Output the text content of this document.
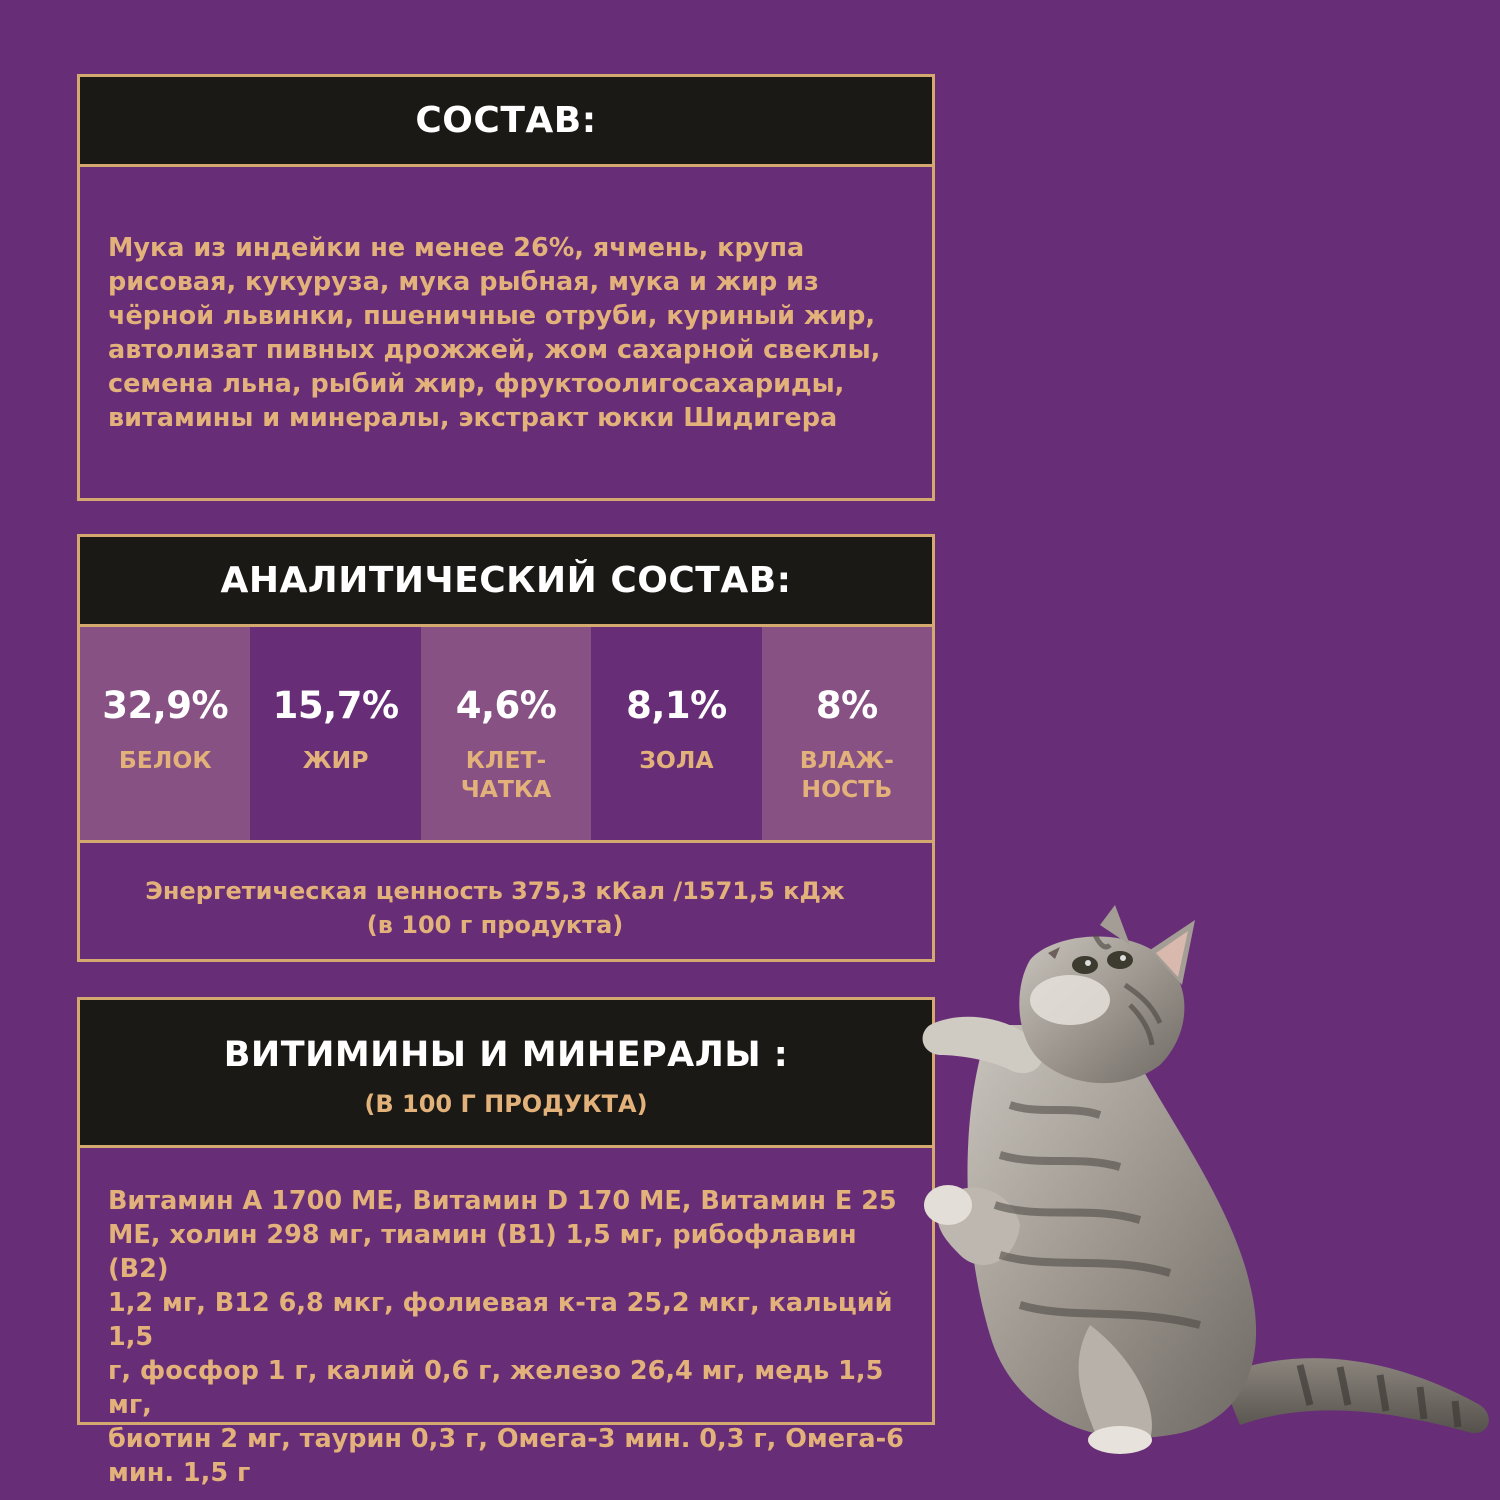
СОСТАВ:

Мука из индейки не менее 26%, ячмень, крупа
рисовая, кукуруза, мука рыбная, мука и жир из
чёрной львинки, пшеничные отруби, куриный жир,
автолизат пивных дрожжей, жом сахарной свеклы,
семена льна, рыбий жир, фруктоолигосахариды,
витамины и минералы, экстракт юкки Шидигера

АНАЛИТИЧЕСКИЙ СОСТАВ:
32,9%
БЕЛОК
15,7%
ЖИР
4,6%
КЛЕТ-
ЧАТКА
8,1%
ЗОЛА
8%
ВЛАЖ-
НОСТЬ
Энергетическая ценность 375,3 кКал /1571,5 кДж
(в 100 г продукта)
ВИТИМИНЫ И МИНЕРАЛЫ :
(В 100 Г ПРОДУКТА)

Витамин А 1700 МЕ, Витамин D 170 МЕ, Витамин Е 25
МЕ, холин 298 мг, тиамин (В1) 1,5 мг, рибофлавин (В2)
1,2 мг, В12 6,8 мкг, фолиевая к-та 25,2 мкг, кальций 1,5
г, фосфор 1 г, калий 0,6 г, железо 26,4 мг, медь 1,5 мг,
биотин 2 мг, таурин 0,3 г, Омега-3 мин. 0,3 г, Омега-6
мин. 1,5 г
